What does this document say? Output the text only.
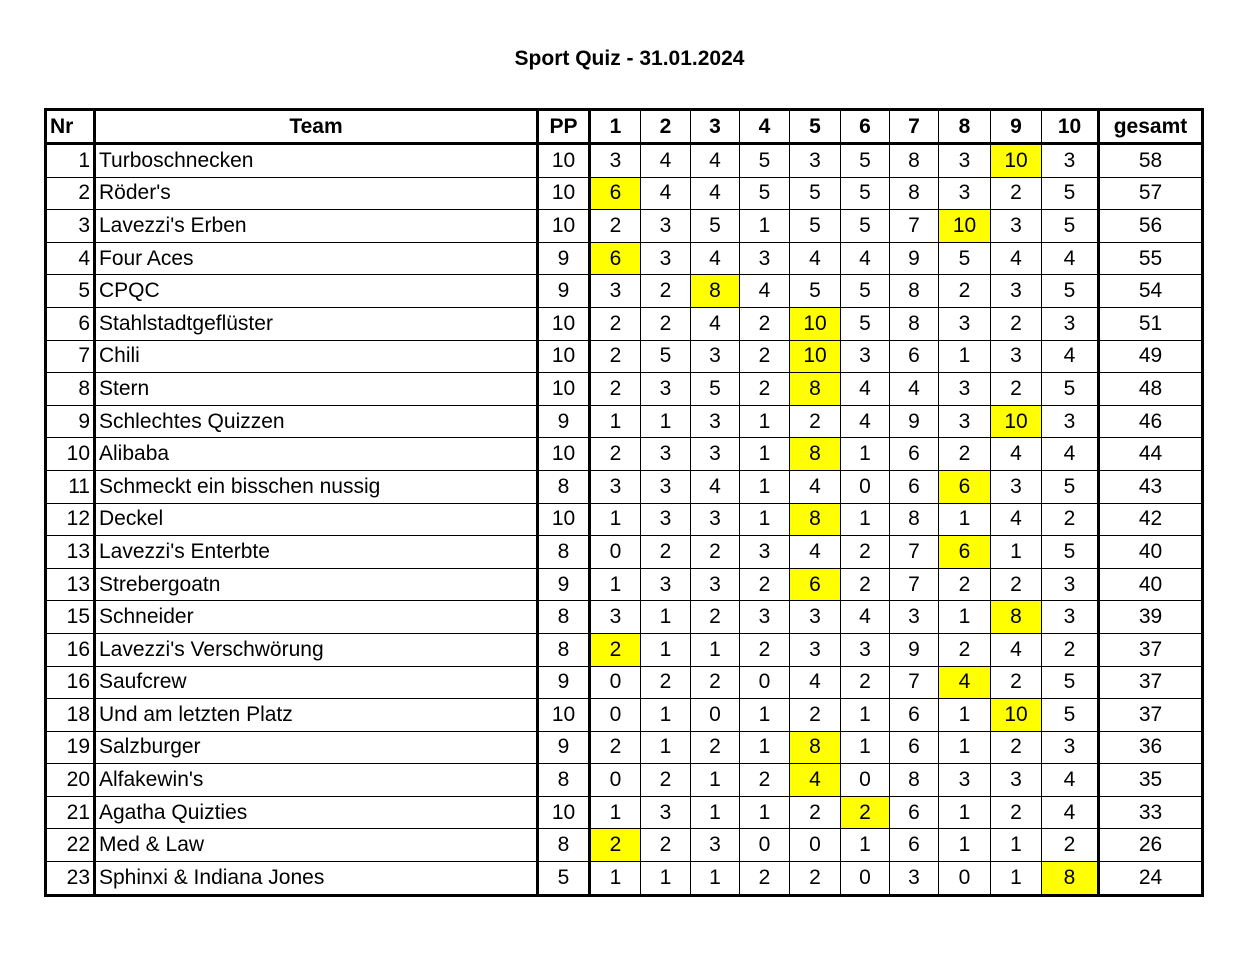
Sport Quiz - 31.01.2024
Nr	Team	PP	1	2	3	4	5	6	7	8	9	10	gesamt
1	Turboschnecken	10	3	4	4	5	3	5	8	3	10	3	58
2	Röder's	10	6	4	4	5	5	5	8	3	2	5	57
3	Lavezzi's Erben	10	2	3	5	1	5	5	7	10	3	5	56
4	Four Aces	9	6	3	4	3	4	4	9	5	4	4	55
5	CPQC	9	3	2	8	4	5	5	8	2	3	5	54
6	Stahlstadtgeflüster	10	2	2	4	2	10	5	8	3	2	3	51
7	Chili	10	2	5	3	2	10	3	6	1	3	4	49
8	Stern	10	2	3	5	2	8	4	4	3	2	5	48
9	Schlechtes Quizzen	9	1	1	3	1	2	4	9	3	10	3	46
10	Alibaba	10	2	3	3	1	8	1	6	2	4	4	44
11	Schmeckt ein bisschen nussig	8	3	3	4	1	4	0	6	6	3	5	43
12	Deckel	10	1	3	3	1	8	1	8	1	4	2	42
13	Lavezzi's Enterbte	8	0	2	2	3	4	2	7	6	1	5	40
13	Strebergoatn	9	1	3	3	2	6	2	7	2	2	3	40
15	Schneider	8	3	1	2	3	3	4	3	1	8	3	39
16	Lavezzi's Verschwörung	8	2	1	1	2	3	3	9	2	4	2	37
16	Saufcrew	9	0	2	2	0	4	2	7	4	2	5	37
18	Und am letzten Platz	10	0	1	0	1	2	1	6	1	10	5	37
19	Salzburger	9	2	1	2	1	8	1	6	1	2	3	36
20	Alfakewin's	8	0	2	1	2	4	0	8	3	3	4	35
21	Agatha Quizties	10	1	3	1	1	2	2	6	1	2	4	33
22	Med & Law	8	2	2	3	0	0	1	6	1	1	2	26
23	Sphinxi & Indiana Jones	5	1	1	1	2	2	0	3	0	1	8	24
